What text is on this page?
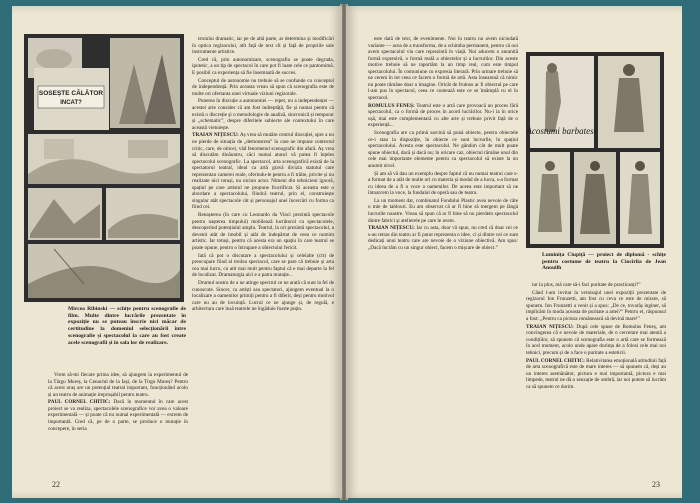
SOSEȘTE CĂLĂTOR
INCAT?
Mircea Ribinski — schițe pentru scenografie de film. Multe dintre lucrările prezentate în expoziție nu se puteau înscrie nici măcar de certitudine la domeniul selecționării între scenografie și spectacolul la care au fost create acele scenografii și în sala lor de realizare.

Vrem să-mi fiecare prima idee, să ajungem la experimentul de la Târgu Mureș, la Cenaclul de la Iași, de la Tirgu Mureș? Pentru că acest oraș are un potențial teatral important, funcționând acolo și un teatru de animație ireproșabil pentru teatru.

PAUL CORNEL CHITIC: Dacă în momentul în care acest proiect se va realiza, spectacolele scenografice vor avea o valoare experimentală — și poate că nu numai experimentală — extrem de importantă. Cred că, pe de o parte, se produce o mutație în concepere, în seria

textului dramatic, iar pe de altă parte, ar determina și modificări în optica regizorului, atît față de text cît și față de propriile sale instrumente artistice.

Cred că, prin autonomizare, scenografia se poate degrada, ipotetic, a un tip de spectacol în care pot fi luate cele ce pantomimă. E posibil ca experiența să fie însemnată de succes.

Conceptul de autonomie nu trebuie să se confunde cu conceptul de independență. Prin aceasta vreau să spun că scenografia este de multe ori ofertanta unei virtuale viziuni regizorale.

Punerea în discuție a autonomiei — repet, nu a independenței — acestei arte consider că am fost indreptăță, fie și numai pentru că există o discreție și o metodologie de analiză, sincronică și temporar și „schematic”, despre diferitele subiecte ale contextului în care această vietuiește.

TRAIAN NIȚESCU: Aș vrea să mutăm centrul discuției, spre a nu ne pierde de situația de „demonstrea” în care ne impune contextul critic, care, de obicei, văd fenomenul scenografic din afară. Aș vrea să discutăm dinăuntru, căci numai atunci vă putea fi înțeles spectacolul scenografic. La spectacol, arta scenografică există de la spectatorul teatral, ideal ca artă gravă divizia statutul care reprezentau camerei reale, oferindu-le pentru a fi trăite, privite și nu realizate nici totuși, nu niciun actor. Nimeni din tehnicieni ignoră, spațiul pe care artistul ne propune fructificat. Și aceasta este o abordare a spectacolului, fiindcă teatrul, prin el, construiește singular atât spectacole cât și personajul unei încercări cu forma ca fiind cei.

Renașterea (în care cu Leonardo da Vinci prezintă spectacole pentru nașterea timpului) mobilează lucrătorul cu spectacolele, descoperind potențialul amplu. Teatrul, la ori prezintă spectacolul, a devenit atât de imobil și atât de îndepărtat de ceea ce numim artistic. Iar totuși, pentru că acesta era un spațiu în care teatrul se poate opune, pentru o întrupare a obiectului fericit.

Iată că pot o discutare a spectacolului și celelalte (cit) de preocupare fiind al treilea spectacol, care se pare că trebuie și arta cea mai lucru, cu atit mai mult pentru faptul că e mai departe la fel de localizat. Dramaturgia aici e a patra mutație...

Drumul nostru de a ne atinge spectrul ce ne arată că sunt la fel de cunoscute. Sincer, ca artiști sau spectatori, ajungem eventual la o localizare a oamenilor primiți pentru a fi diferit, deși pentru motivul care nu au de locuință. Lucrul ce ne ajunge și, de regulă, e arhitectura care însă teatrele ne îngăduie foarte puțin.

22

este dată de text, de evenimente. Noi în teatru nu avem niciodată variante — acea de a transforma, de a schimba permanent, pentru că noi avem spectacolul viu care reprezintă în viață. Noi aducem o anumită formă expresivă, o formă reală a obiectelor și a lucrurilor. Din aceste motive trebuie să ne raportăm la un timp real, cum este timpul spectacolului. În comuniune cu expresia literară. Prin urmare trebuie să ne cerem în tot ceea ce facem o formă de artă. Asta înseamnă că nimic nu poate rămâne doar o imagine. Oricât de frumos ar fi obiectul pe care l-am pus în spectacol, ceea ce contează este ce se întâmplă cu el în spectacol.

ROMULUS FENEȘ: Teatrul este o artă care provoacă un proces fără spectacolul, ca o formă de proces în acord lucrărilor. Nu-i ia în orice ușă, mai este complementară cu alte arte și trebuie privit față de o experiență...

Scenografia are ca primă sarcină să pună obiecte, pentru obiectele ce-i stau la dispoziție, în obiecte ce sunt lucrurile, în spațiul spectacolului. Acesta este spectacolul. Ne gândim cât de mult poate spune obiectul, dacă și dacă nu; în oricare caz, obiectul rămâne unul din cele mai importante elemente pentru ca spectacolul să existe la un anumit nivel.

Și am să vă dau un exemplu despre faptul că nu numai teatrul care s-a format de a atât de multe ori cu materia și modul de a lucra, s-a format cu ideea de a fi o voce a oamenilor. De aceea este important să ne întoarcem la voce, la fundalul de operă sau de teatru.

La un moment dat, combinatul Fondului Plastic avea nevoie de câte o mie de tablouri. Eu am observat că ar fi bine să mergem pe lângă lucrurile noastre. Vreau să spun că ar fi bine să nu pierdem spectacolul dintre fabrici și atelierele pe care le avem.

TRAIAN NIȚESCU: Iar cu asta, doar vă spun, nu cred că doar cei ce s-au retras din teatru ar fi putut reprezenta o idee, ci și dintre cei ce sunt dedicați unui teatru care are nevoie de o viziune obiectivă. Am spus: „Dacă lucrăm cu un singur obiect, facem o mișcare de obiect.”

Acostumi barbatesc
Luminița Ciupiță — proiect de diplomă - schițe pentru costume de teatru la Ciocîrlia de Jean Anouilh

tur la plus, mă care să-i faci puritate de practicanți?”

Când l-am invitat la vernisajul unei expoziții prezentate de regizorul Ion Frunzetti, am fost cu ceva ce este de mirare, să spunem. Ion Frunzetti a venit și a spus: „De ce, tovarăș inginer, să implicăm în moda aceasta de puritate a artei?” Pentru el, răspunsul a fost: „Pentru ca pictura românească să devină mare!”

TRAIAN NIȚESCU: După cele spuse de Romulus Feneș, am convingerea că e nevoie de materiale, de o cercetare mai atentă a condițiilor, să spunem că scenografia este o artă care se formează în acel moment, acolo unde apare dorința de a folosi cele mai noi tehnici, precum și de a face o puritate a esteticii.

PAUL CORNEL CHITIC: Relativitatea emoțională atitudinii față de arta scenografică este de mare interes — să spunem că, deși au un interes asemănător, pictura e mai importantă, pictura e mai limpede, teatrul ne dă o senzație de umbră, iar noi putem să lucrăm ca să spunem ce dorim.

23
